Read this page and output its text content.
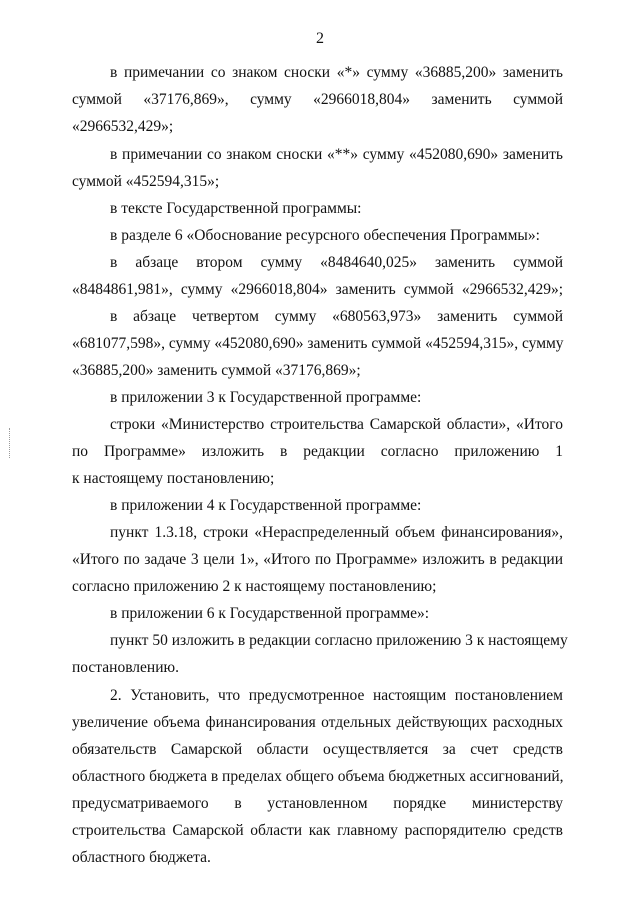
2
в примечании со знаком сноски «*» сумму «36885,200» заменить
суммой «37176,869», сумму «2966018,804» заменить суммой
«2966532,429»;
в примечании со знаком сноски «**» сумму «452080,690» заменить
суммой «452594,315»;
в тексте Государственной программы:
в разделе 6 «Обоснование ресурсного обеспечения Программы»:
в абзаце втором сумму «8484640,025» заменить суммой
«8484861,981», сумму «2966018,804» заменить суммой «2966532,429»;
в абзаце четвертом сумму «680563,973» заменить суммой
«681077,598», сумму «452080,690» заменить суммой «452594,315», сумму
«36885,200» заменить суммой «37176,869»;
в приложении 3 к Государственной программе:
строки «Министерство строительства Самарской области», «Итого
по Программе» изложить в редакции согласно приложению 1
к настоящему постановлению;
в приложении 4 к Государственной программе:
пункт 1.3.18, строки «Нераспределенный объем финансирования»,
«Итого по задаче 3 цели 1», «Итого по Программе» изложить в редакции
согласно приложению 2 к настоящему постановлению;
в приложении 6 к Государственной программе»:
пункт 50 изложить в редакции согласно приложению 3 к настоящему
постановлению.
2. Установить, что предусмотренное настоящим постановлением
увеличение объема финансирования отдельных действующих расходных
обязательств Самарской области осуществляется за счет средств
областного бюджета в пределах общего объема бюджетных ассигнований,
предусматриваемого в установленном порядке министерству
строительства Самарской области как главному распорядителю средств
областного бюджета.
